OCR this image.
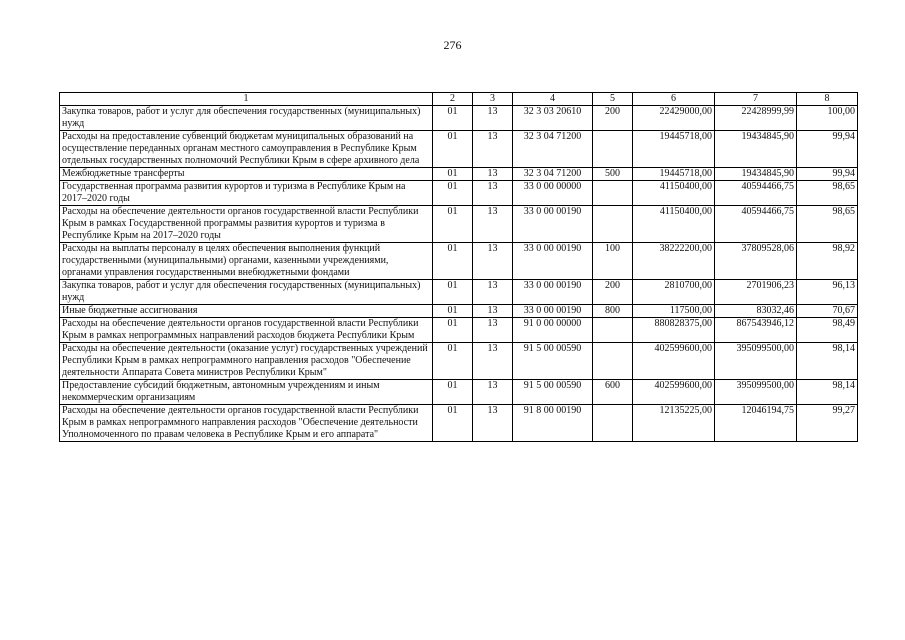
276
1	2	3	4	5	6	7	8
Закупка товаров, работ и услуг для обеспечения государственных (муниципальных) нужд	01	13	32 3 03 20610	200	22429000,00	22428999,99	100,00
Расходы на предоставление субвенций бюджетам муниципальных образований на осуществление переданных органам местного самоуправления в Республике Крым отдельных государственных полномочий Республики Крым в сфере архивного дела	01	13	32 3 04 71200		19445718,00	19434845,90	99,94
Межбюджетные трансферты	01	13	32 3 04 71200	500	19445718,00	19434845,90	99,94
Государственная программа развития курортов и туризма в Республике Крым на 2017–2020 годы	01	13	33 0 00 00000		41150400,00	40594466,75	98,65
Расходы на обеспечение деятельности органов государственной власти Республики Крым в рамках Государственной программы развития курортов и туризма в Республике Крым на 2017–2020 годы	01	13	33 0 00 00190		41150400,00	40594466,75	98,65
Расходы на выплаты персоналу в целях обеспечения выполнения функций государственными (муниципальными) органами, казенными учреждениями, органами управления государственными внебюджетными фондами	01	13	33 0 00 00190	100	38222200,00	37809528,06	98,92
Закупка товаров, работ и услуг для обеспечения государственных (муниципальных) нужд	01	13	33 0 00 00190	200	2810700,00	2701906,23	96,13
Иные бюджетные ассигнования	01	13	33 0 00 00190	800	117500,00	83032,46	70,67
Расходы на обеспечение деятельности органов государственной власти Республики Крым в рамках непрограммных направлений расходов бюджета Республики Крым	01	13	91 0 00 00000		880828375,00	867543946,12	98,49
Расходы на обеспечение деятельности (оказание услуг) государственных учреждений Республики Крым в рамках непрограммного направления расходов "Обеспечение деятельности Аппарата Совета министров Республики Крым"	01	13	91 5 00 00590		402599600,00	395099500,00	98,14
Предоставление субсидий бюджетным, автономным учреждениям и иным некоммерческим организациям	01	13	91 5 00 00590	600	402599600,00	395099500,00	98,14
Расходы на обеспечение деятельности органов государственной власти Республики Крым в рамках непрограммного направления расходов "Обеспечение деятельности Уполномоченного по правам человека в Республике Крым и его аппарата"	01	13	91 8 00 00190		12135225,00	12046194,75	99,27
